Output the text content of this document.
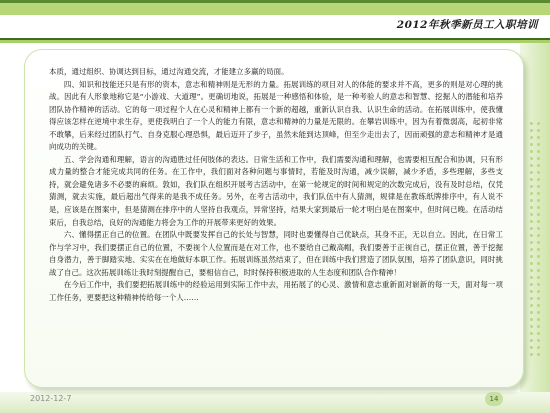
2012年秋季新员工入职培训

本质，通过组织、协调达到目标，通过沟通交流，才能建立多赢的局面。

四、知识和技能还只是有形的资本，意志和精神则是无形的力量。拓展训练的项目对人的体能的要求并不高，更多的则是对心理的挑战。因此有人形象地称它是“小游戏、大道理”。更确切地说，拓展是一种感悟和体验，是一种考验人的意志和智慧、挖掘人的潜能和培养团队协作精神的活动。它的每一项过程个人在心灵和精神上都有一个新的超越，重新认识自我、认识生命的活动。在拓展训练中，使我懂得应该怎样在逆境中求生存，更使我明白了一个人的能力有限，意志和精神的力量是无限的。在攀岩训练中，因为有着微弱高，起初非常不敢攀，后来经过团队打气、自身克服心理恐惧，最后迈开了步子，虽然未能到达顶峰，但至少走出去了，因而顽强的意志和精神才是通向成功的关键。

五、学会沟通和理解，语言的沟通胜过任何肢体的表达。日常生活和工作中，我们需要沟通和理解，也需要相互配合和协调，只有形成力量的整合才能完成共同的任务。在工作中，我们面对各种问题与事情时，若能及时沟通，减少误解，减少矛盾，多些理解，多些支持，就会避免诸多不必要的麻烦。敦如，我们队在组织开展考古活动中，在第一轮规定的时间和规定的次数完成后，没有及时总结，仅凭猜测，就去实施，最后超出气得来的是我不成任务。另外，在考古活动中，我们队伍中有人猜测，规律是在教练纸牌排序中，有人说不是，应该是在图案中，但是猜测在排序中的人坚持自我观点，异常坚持，结果大家到最后一轮才明白是在图案中，但时间已晚。在活动结束后，自我总结，良好的沟通能力将会为工作的开展带来更好的效果。

六、懂得摆正自己的位置。在团队中既要发挥自己的长处与智慧，同时也要懂得自己优缺点，其身不正，无以自立。因此，在日常工作与学习中，我们要摆正自己的位置，不要视个人位置而是在对工作，也不要给自己戴高帽，我们要善于正视自己，摆正位置，善于挖掘自身潜力，善于脚踏实地、实实在在地做好本职工作。拓展训练虽然结束了，但在训练中我们营造了团队氛围，培养了团队意识，同时挑战了自己。这次拓展训练让我时刻提醒自己，要相信自己，时时保持积极进取的人生态度和团队合作精神！

在今后工作中，我们要把拓展训练中的经验运用到实际工作中去，用拓展了的心灵、激情和意志重新面对崭新的每一天，面对每一项工作任务，更要把这种精神传给每一个人……

2012-12-7	14
